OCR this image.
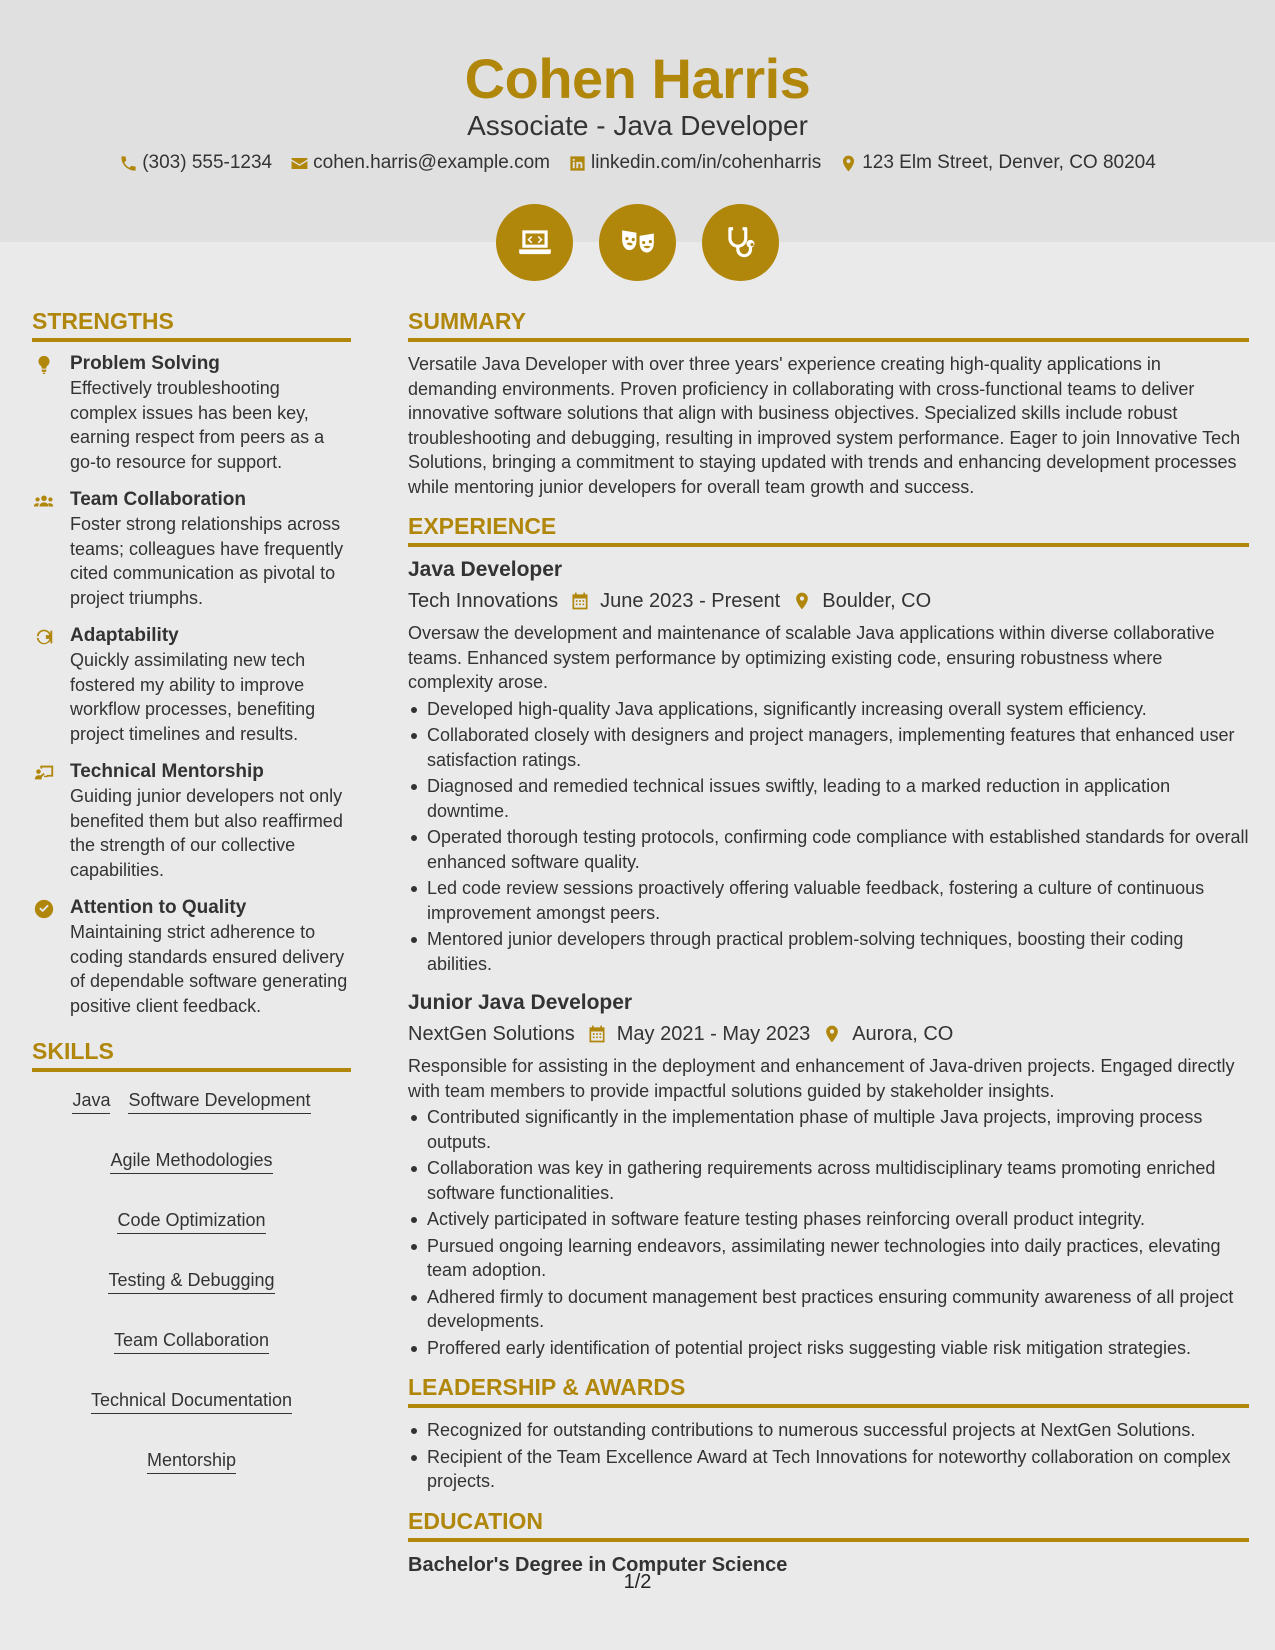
Cohen Harris
Associate - Java Developer
(303) 555-1234 cohen.harris@example.com linkedin.com/in/cohenharris 123 Elm Street, Denver, CO 80204
STRENGTHS
Problem Solving
Effectively troubleshooting complex issues has been key, earning respect from peers as a go-to resource for support.
Team Collaboration
Foster strong relationships across teams; colleagues have frequently cited communication as pivotal to project triumphs.
Adaptability
Quickly assimilating new tech fostered my ability to improve workflow processes, benefiting project timelines and results.
Technical Mentorship
Guiding junior developers not only benefited them but also reaffirmed the strength of our collective capabilities.
Attention to Quality
Maintaining strict adherence to coding standards ensured delivery of dependable software generating positive client feedback.
SKILLS
Java Software Development
Agile Methodologies
Code Optimization
Testing & Debugging
Team Collaboration
Technical Documentation
Mentorship
SUMMARY
Versatile Java Developer with over three years' experience creating high-quality applications in demanding environments. Proven proficiency in collaborating with cross-functional teams to deliver innovative software solutions that align with business objectives. Specialized skills include robust troubleshooting and debugging, resulting in improved system performance. Eager to join Innovative Tech Solutions, bringing a commitment to staying updated with trends and enhancing development processes while mentoring junior developers for overall team growth and success.
EXPERIENCE
Java Developer
Tech Innovations June 2023 - Present Boulder, CO
Oversaw the development and maintenance of scalable Java applications within diverse collaborative teams. Enhanced system performance by optimizing existing code, ensuring robustness where complexity arose.
Developed high-quality Java applications, significantly increasing overall system efficiency.
Collaborated closely with designers and project managers, implementing features that enhanced user satisfaction ratings.
Diagnosed and remedied technical issues swiftly, leading to a marked reduction in application downtime.
Operated thorough testing protocols, confirming code compliance with established standards for overall enhanced software quality.
Led code review sessions proactively offering valuable feedback, fostering a culture of continuous improvement amongst peers.
Mentored junior developers through practical problem-solving techniques, boosting their coding abilities.
Junior Java Developer
NextGen Solutions May 2021 - May 2023 Aurora, CO
Responsible for assisting in the deployment and enhancement of Java-driven projects. Engaged directly with team members to provide impactful solutions guided by stakeholder insights.
Contributed significantly in the implementation phase of multiple Java projects, improving process outputs.
Collaboration was key in gathering requirements across multidisciplinary teams promoting enriched software functionalities.
Actively participated in software feature testing phases reinforcing overall product integrity.
Pursued ongoing learning endeavors, assimilating newer technologies into daily practices, elevating team adoption.
Adhered firmly to document management best practices ensuring community awareness of all project developments.
Proffered early identification of potential project risks suggesting viable risk mitigation strategies.
LEADERSHIP & AWARDS
Recognized for outstanding contributions to numerous successful projects at NextGen Solutions.
Recipient of the Team Excellence Award at Tech Innovations for noteworthy collaboration on complex projects.
EDUCATION
Bachelor's Degree in Computer Science
1/2
